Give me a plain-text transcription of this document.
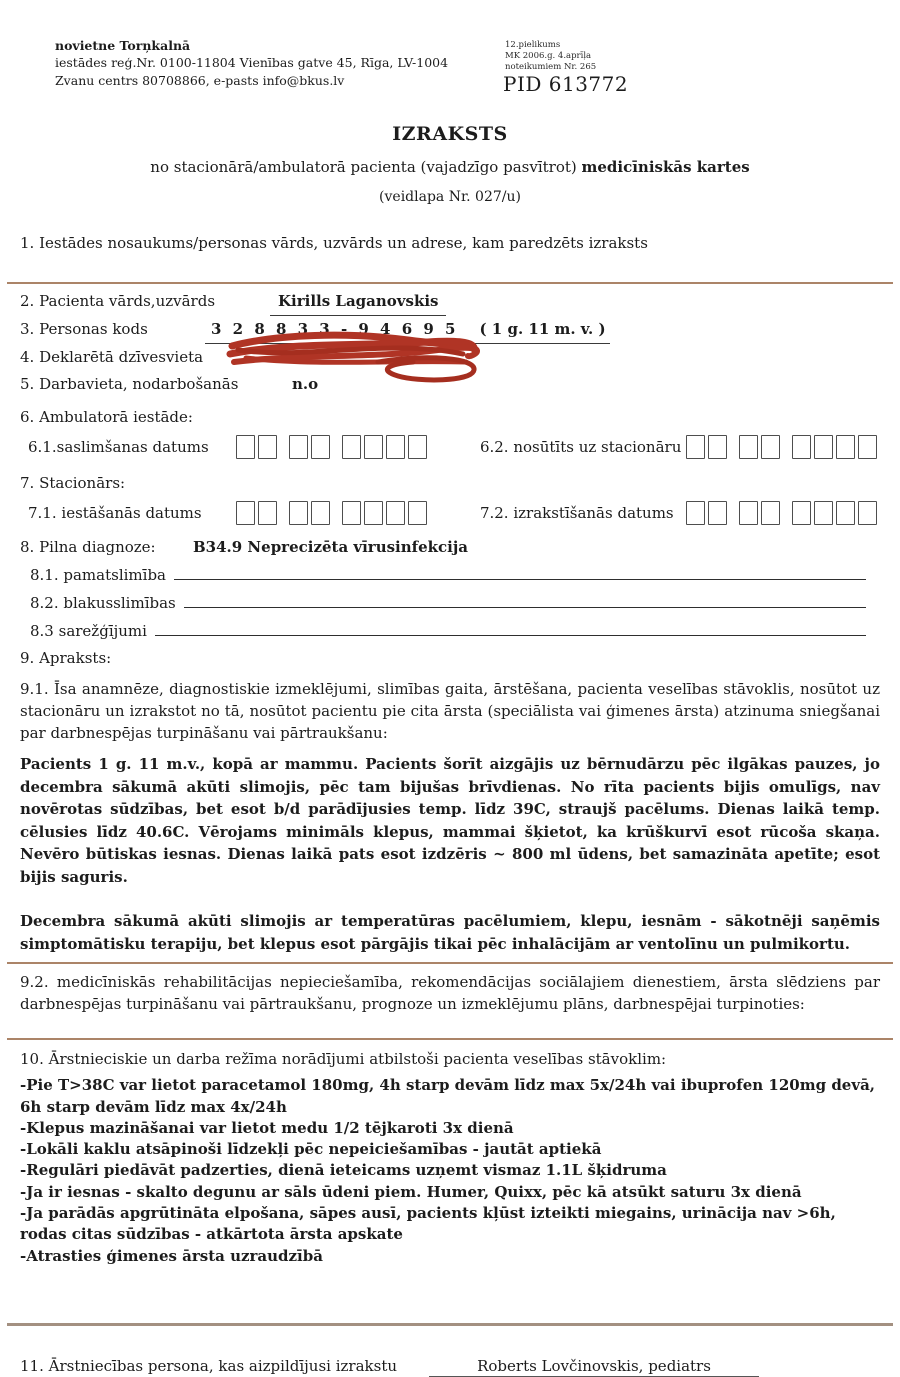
novietne Torņkalnā
iestādes reģ.Nr. 0100-11804 Vienības gatve 45, Rīga, LV-1004
Zvanu centrs 80708866, e-pasts info@bkus.lv
12.pielikums
MK 2006.g. 4.aprīļa
noteikumiem Nr. 265
PID 613772
IZRAKSTS
no stacionārā/ambulatorā pacienta (vajadzīgo pasvītrot) medicīniskās kartes
(veidlapa Nr. 027/u)
1. Iestādes nosaukums/personas vārds, uzvārds un adrese, kam paredzēts izraksts
2. Pacienta vārds,uzvārds	Kirills Laganovskis
3. Personas kods	3 2 8 8 3 3 - 9 4 6 9 5	( 1 g. 11 m. v. )
4. Deklarētā dzīvesvieta
5. Darbavieta, nodarbošanās	n.o
6. Ambulatorā iestāde:
6.1.saslimšanas datums	6.2. nosūtīts uz stacionāru
7. Stacionārs:
7.1. iestāšanās datums	7.2. izrakstīšanās datums
8. Pilna diagnoze:	B34.9 Neprecizēta vīrusinfekcija
8.1. pamatslimība
8.2. blakusslimības
8.3 sarežģījumi
9. Apraksts:

9.1. Īsa anamnēze, diagnostiskie izmeklējumi, slimības gaita, ārstēšana, pacienta veselības stāvoklis, nosūtot uz stacionāru un izrakstot no tā, nosūtot pacientu pie cita ārsta (speciālista vai ģimenes ārsta) atzinuma sniegšanai par darbnespējas turpināšanu vai pārtraukšanu:

Pacients 1 g. 11 m.v., kopā ar mammu. Pacients šorīt aizgājis uz bērnudārzu pēc ilgākas pauzes, jo decembra sākumā akūti slimojis, pēc tam bijušas brīvdienas. No rīta pacients bijis omulīgs, nav novērotas sūdzības, bet esot b/d parādījusies temp. līdz 39C, straujš pacēlums. Dienas laikā temp. cēlusies līdz 40.6C. Vērojams minimāls klepus, mammai šķietot, ka krūškurvī esot rūcoša skaņa. Nevēro būtiskas iesnas. Dienas laikā pats esot izdzēris ~ 800 ml ūdens, bet samazināta apetīte; esot bijis saguris.

Decembra sākumā akūti slimojis ar temperatūras pacēlumiem, klepu, iesnām - sākotnēji saņēmis simptomātisku terapiju, bet klepus esot pārgājis tikai pēc inhalācijām ar ventolīnu un pulmikortu.

9.2. medicīniskās rehabilitācijas nepieciešamība, rekomendācijas sociālajiem dienestiem, ārsta slēdziens par darbnespējas turpināšanu vai pārtraukšanu, prognoze un izmeklējumu plāns, darbnespējai turpinoties:

10. Ārstnieciskie un darba režīma norādījumi atbilstoši pacienta veselības stāvoklim:
-Pie T>38C var lietot paracetamol 180mg, 4h starp devām līdz max 5x/24h vai ibuprofen 120mg devā, 6h starp devām līdz max 4x/24h
-Klepus mazināšanai var lietot medu 1/2 tējkaroti 3x dienā
-Lokāli kaklu atsāpinoši līdzekļi pēc nepeiciešamības - jautāt aptiekā
-Regulāri piedāvāt padzerties, dienā ieteicams uzņemt vismaz 1.1L šķidruma
-Ja ir iesnas - skalto degunu ar sāls ūdeni piem. Humer, Quixx, pēc kā atsūkt saturu 3x dienā
-Ja parādās apgrūtināta elpošana, sāpes ausī, pacients kļūst izteikti miegains, urinācija nav >6h, rodas citas sūdzības - atkārtota ārsta apskate
-Atrasties ģimenes ārsta uzraudzībā
11. Ārstniecības persona, kas aizpildījusi izrakstu	Roberts Lovčinovskis, pediatrs
